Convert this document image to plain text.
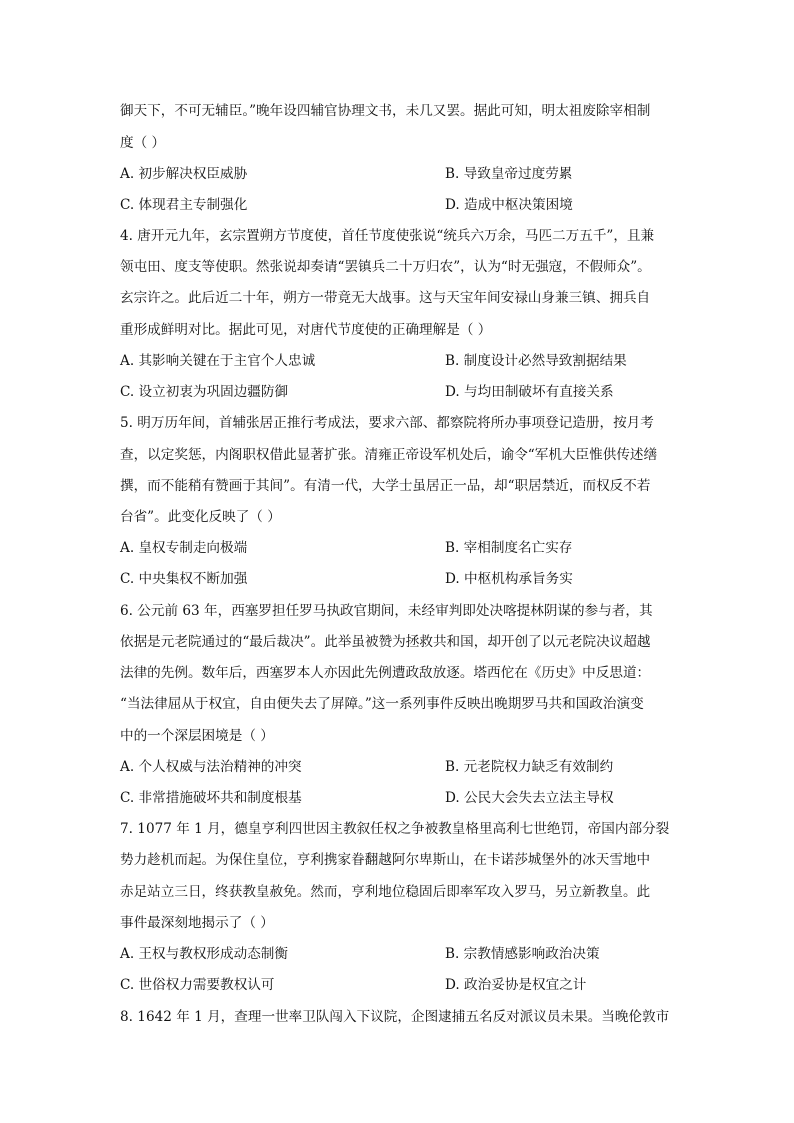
御天下，不可无辅臣。”晚年设四辅官协理文书，未几又罢。据此可知，明太祖废除宰相制
度（ ）
A. 初步解决权臣威胁	B. 导致皇帝过度劳累
C. 体现君主专制强化	D. 造成中枢决策困境
4. 唐开元九年，玄宗置朔方节度使，首任节度使张说“统兵六万余，马匹二万五千”，且兼
领屯田、度支等使职。然张说却奏请“罢镇兵二十万归农”，认为“时无强寇，不假师众”。
玄宗许之。此后近二十年，朔方一带竟无大战事。这与天宝年间安禄山身兼三镇、拥兵自
重形成鲜明对比。据此可见，对唐代节度使的正确理解是（ ）
A. 其影响关键在于主官个人忠诚	B. 制度设计必然导致割据结果
C. 设立初衷为巩固边疆防御	D. 与均田制破坏有直接关系
5. 明万历年间，首辅张居正推行考成法，要求六部、都察院将所办事项登记造册，按月考
查，以定奖惩，内阁职权借此显著扩张。清雍正帝设军机处后，谕令“军机大臣惟供传述缮
撰，而不能稍有赞画于其间”。有清一代，大学士虽居正一品，却“职居禁近，而权反不若
台省”。此变化反映了（ ）
A. 皇权专制走向极端	B. 宰相制度名亡实存
C. 中央集权不断加强	D. 中枢机构承旨务实
6. 公元前 63 年，西塞罗担任罗马执政官期间，未经审判即处决喀提林阴谋的参与者，其
依据是元老院通过的“最后裁决”。此举虽被赞为拯救共和国，却开创了以元老院决议超越
法律的先例。数年后，西塞罗本人亦因此先例遭政敌放逐。塔西佗在《历史》中反思道：
“当法律屈从于权宜，自由便失去了屏障。”这一系列事件反映出晚期罗马共和国政治演变
中的一个深层困境是（ ）
A. 个人权威与法治精神的冲突	B. 元老院权力缺乏有效制约
C. 非常措施破坏共和制度根基	D. 公民大会失去立法主导权
7. 1077 年 1 月，德皇亨利四世因主教叙任权之争被教皇格里高利七世绝罚，帝国内部分裂
势力趁机而起。为保住皇位，亨利携家眷翻越阿尔卑斯山，在卡诺莎城堡外的冰天雪地中
赤足站立三日，终获教皇赦免。然而，亨利地位稳固后即率军攻入罗马，另立新教皇。此
事件最深刻地揭示了（ ）
A. 王权与教权形成动态制衡	B. 宗教情感影响政治决策
C. 世俗权力需要教权认可	D. 政治妥协是权宜之计
8. 1642 年 1 月，查理一世率卫队闯入下议院，企图逮捕五名反对派议员未果。当晚伦敦市
